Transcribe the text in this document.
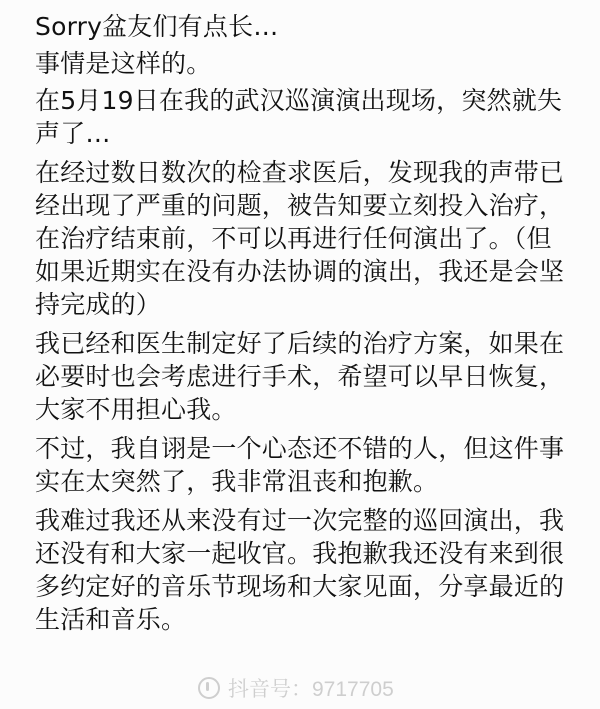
Sorry盆友们有点长…

事情是这样的。

在5月19日在我的武汉巡演演出现场，突然就失声了…

在经过数日数次的检查求医后，发现我的声带已经出现了严重的问题，被告知要立刻投入治疗，在治疗结束前，不可以再进行任何演出了。（但如果近期实在没有办法协调的演出，我还是会坚持完成的）

我已经和医生制定好了后续的治疗方案，如果在必要时也会考虑进行手术，希望可以早日恢复，大家不用担心我。

不过，我自诩是一个心态还不错的人，但这件事实在太突然了，我非常沮丧和抱歉。

我难过我还从来没有过一次完整的巡回演出，我还没有和大家一起收官。我抱歉我还没有来到很多约定好的音乐节现场和大家见面，分享最近的生活和音乐。

抖音号：9717705
